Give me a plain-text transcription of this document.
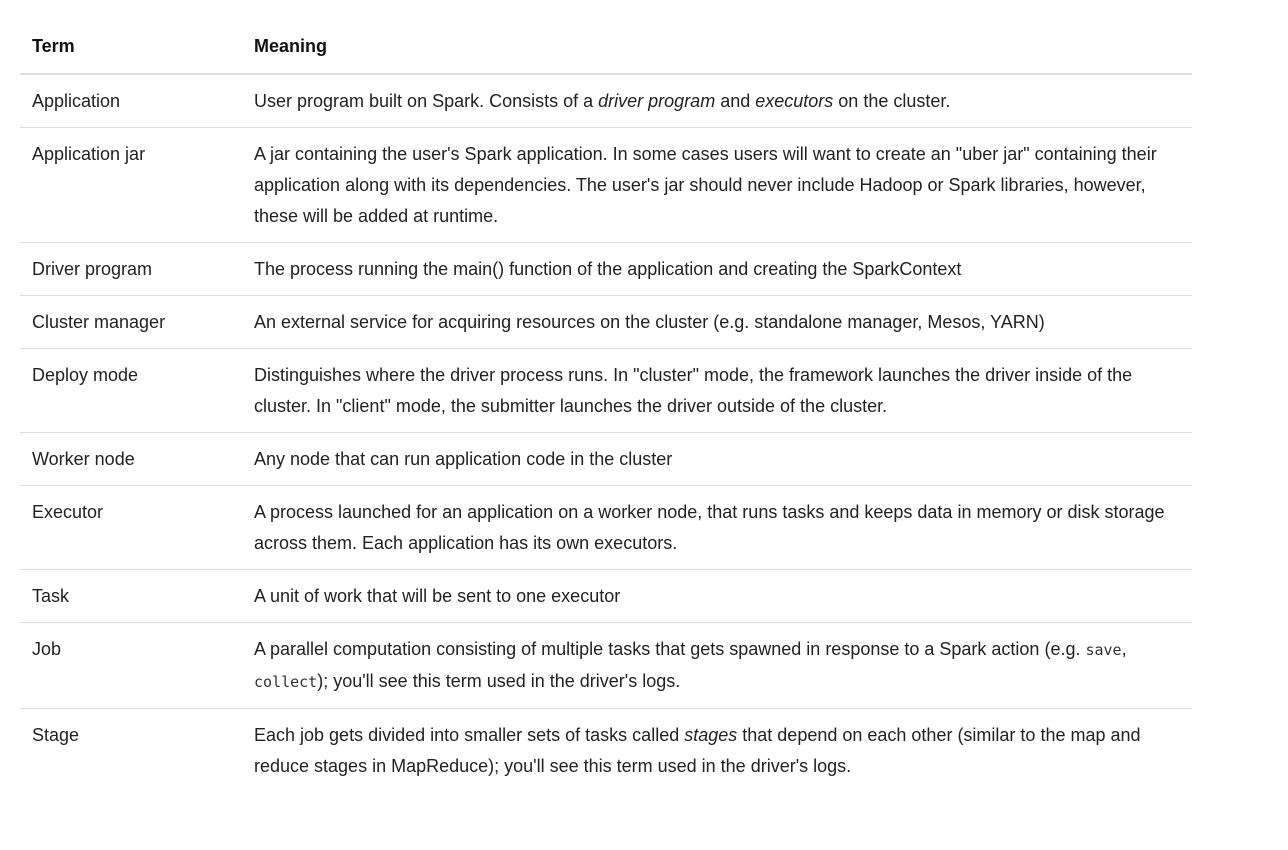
Term	Meaning
Application	User program built on Spark. Consists of a driver program and executors on the cluster.
Application jar	A jar containing the user's Spark application. In some cases users will want to create an "uber jar" containing their application along with its dependencies. The user's jar should never include Hadoop or Spark libraries, however, these will be added at runtime.
Driver program	The process running the main() function of the application and creating the SparkContext
Cluster manager	An external service for acquiring resources on the cluster (e.g. standalone manager, Mesos, YARN)
Deploy mode	Distinguishes where the driver process runs. In "cluster" mode, the framework launches the driver inside of the cluster. In "client" mode, the submitter launches the driver outside of the cluster.
Worker node	Any node that can run application code in the cluster
Executor	A process launched for an application on a worker node, that runs tasks and keeps data in memory or disk storage across them. Each application has its own executors.
Task	A unit of work that will be sent to one executor
Job	A parallel computation consisting of multiple tasks that gets spawned in response to a Spark action (e.g. save, collect); you'll see this term used in the driver's logs.
Stage	Each job gets divided into smaller sets of tasks called stages that depend on each other (similar to the map and reduce stages in MapReduce); you'll see this term used in the driver's logs.
